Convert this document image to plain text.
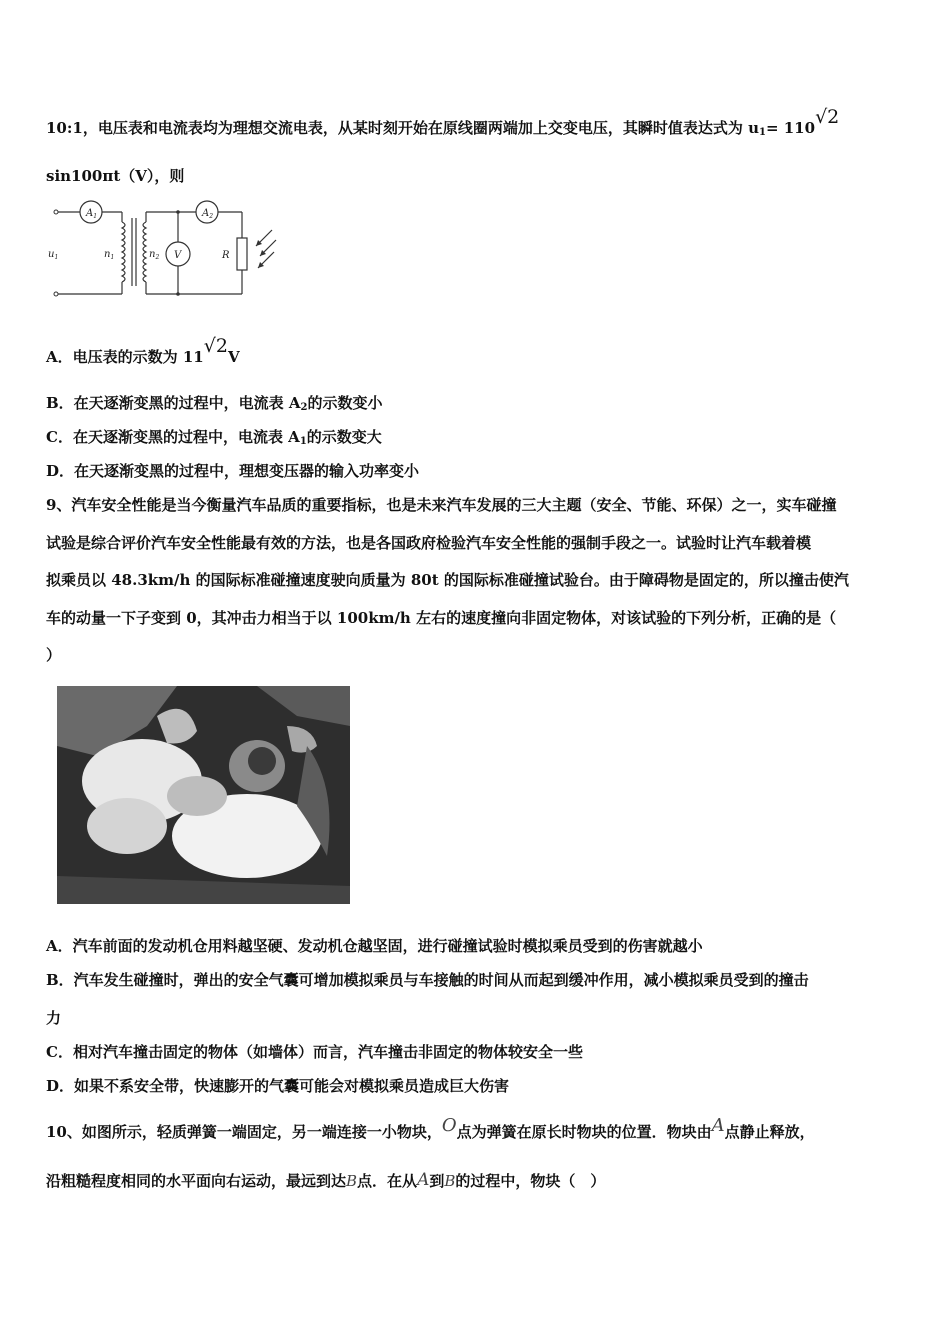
10:1，电压表和电流表均为理想交流电表，从某时刻开始在原线圈两端加上交变电压，其瞬时值表达式为 $u_1= 110√2$
sin100πt（V），则
$A_1$	$A_2$
V
$u_1$	$n_1$	$n_2$	R
A．电压表的示数为 11√2V
B．在天逐渐变黑的过程中，电流表 $A_2$的示数变小
C．在天逐渐变黑的过程中，电流表 $A_1$的示数变大
D．在天逐渐变黑的过程中，理想变压器的输入功率变小
9、汽车安全性能是当今衡量汽车品质的重要指标，也是未来汽车发展的三大主题（安全、节能、环保）之一，实车碰撞
试验是综合评价汽车安全性能最有效的方法，也是各国政府检验汽车安全性能的强制手段之一。试验时让汽车载着模
拟乘员以 48.3km/h 的国际标准碰撞速度驶向质量为 80t 的国际标准碰撞试验台。由于障碍物是固定的，所以撞击使汽
车的动量一下子变到 0，其冲击力相当于以 100km/h 左右的速度撞向非固定物体，对该试验的下列分析，正确的是（
）
A．汽车前面的发动机仓用料越坚硬、发动机仓越坚固，进行碰撞试验时模拟乘员受到的伤害就越小
B．汽车发生碰撞时，弹出的安全气囊可增加模拟乘员与车接触的时间从而起到缓冲作用，减小模拟乘员受到的撞击
力
C．相对汽车撞击固定的物体（如墙体）而言，汽车撞击非固定的物体较安全一些
D．如果不系安全带，快速膨开的气囊可能会对模拟乘员造成巨大伤害
10、如图所示，轻质弹簧一端固定，另一端连接一小物块，O点为弹簧在原长时物块的位置．物块由A点静止释放，
沿粗糙程度相同的水平面向右运动，最远到达B点．在从A到B的过程中，物块（　）
